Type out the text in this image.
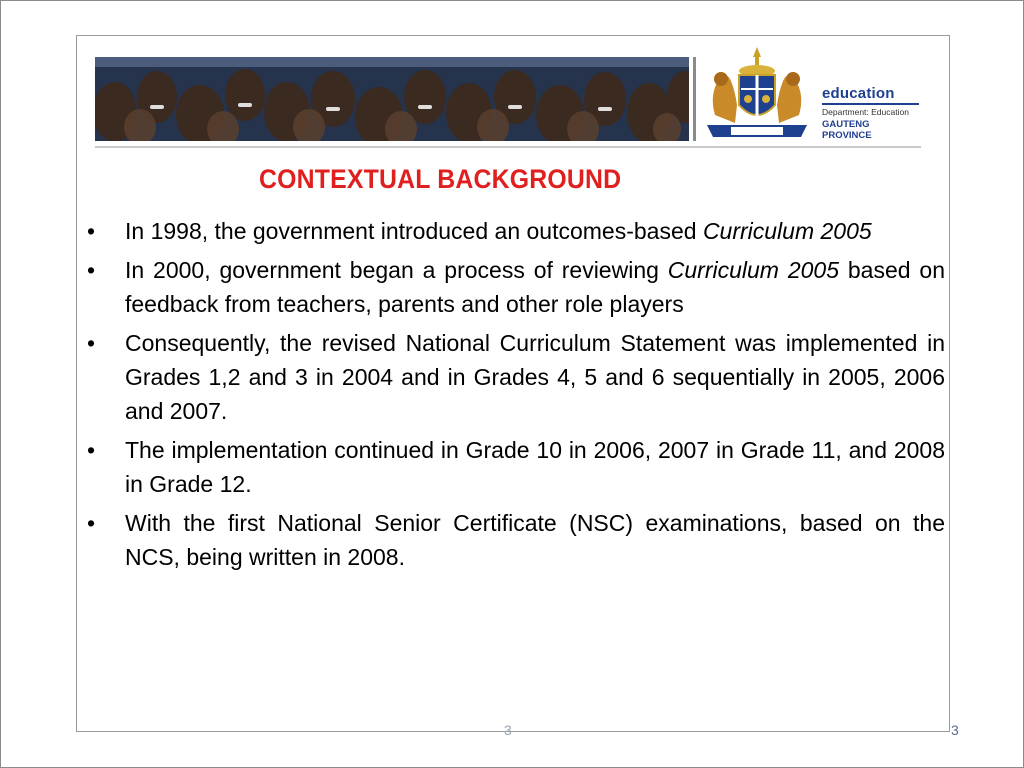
education
Department: Education
GAUTENG PROVINCE
CONTEXTUAL BACKGROUND
•	In 1998, the government introduced an outcomes-based Curriculum 2005
•	In 2000, government began a process of reviewing Curriculum 2005 based on feedback from teachers, parents and other role players
•	Consequently, the revised National Curriculum Statement was implemented in Grades 1,2 and 3 in 2004 and in Grades 4, 5 and 6 sequentially in 2005, 2006 and 2007.
•	The implementation continued in Grade 10 in 2006, 2007 in Grade 11, and 2008 in Grade 12.
•	With the first National Senior Certificate (NSC) examinations, based on the NCS, being written in 2008.
3	3
